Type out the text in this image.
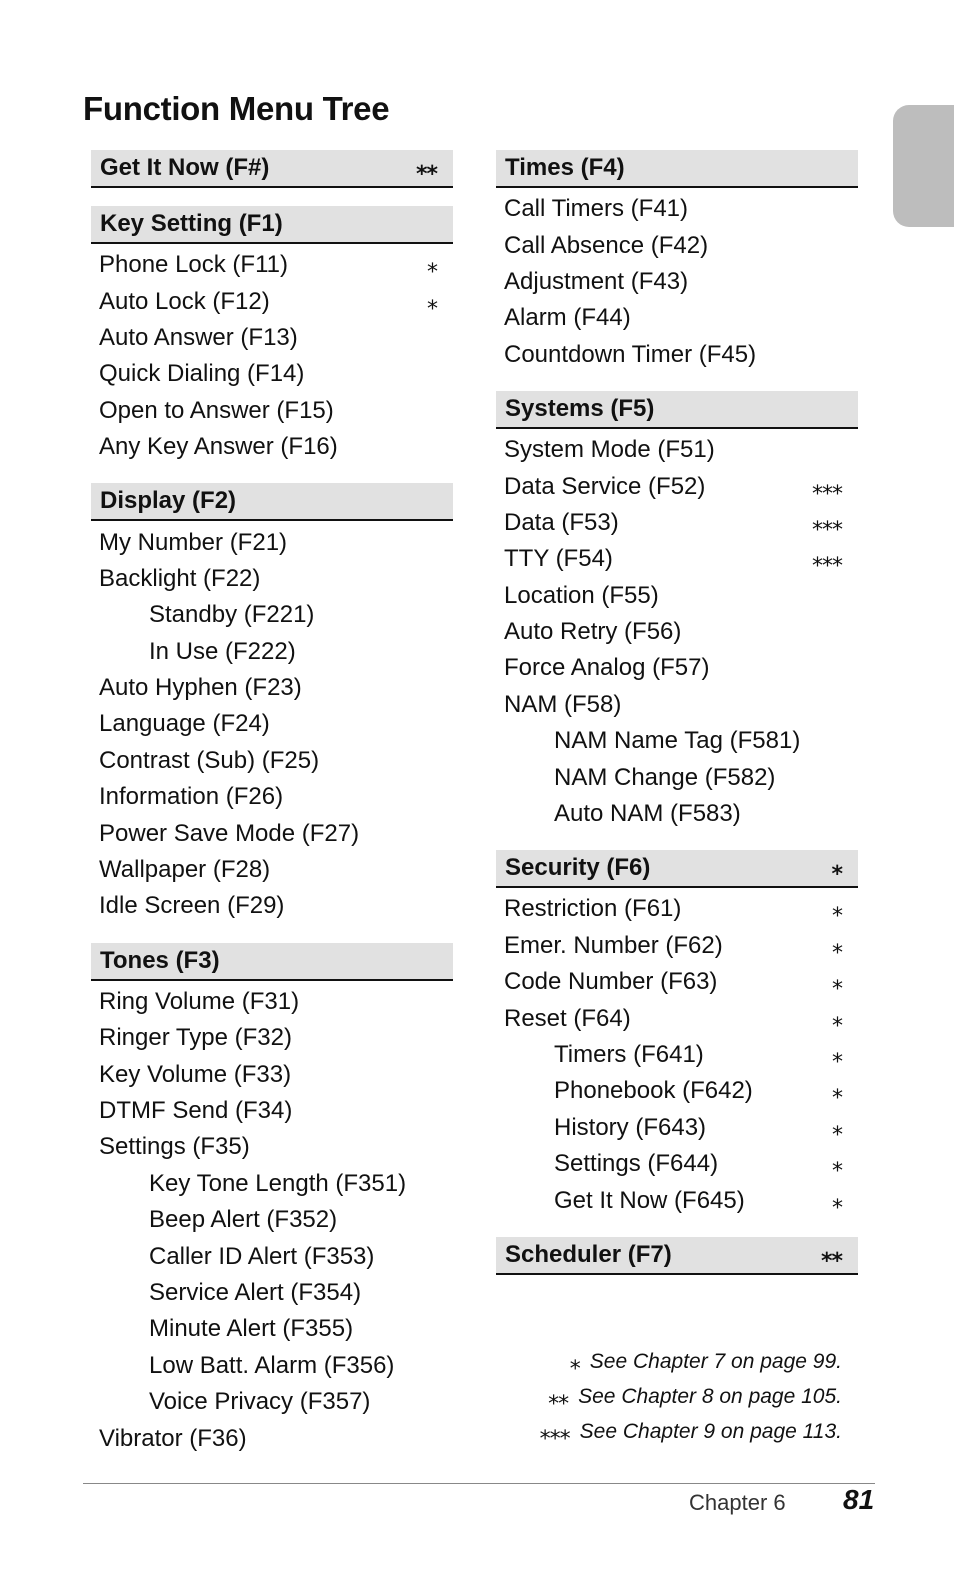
Function Menu Tree
Get It Now (F#)	⁎⁎
Key Setting (F1)
Phone Lock (F11)	⁎
Auto Lock (F12)	⁎
Auto Answer (F13)
Quick Dialing (F14)
Open to Answer (F15)
Any Key Answer (F16)
Display (F2)
My Number (F21)
Backlight (F22)
Standby (F221)
In Use (F222)
Auto Hyphen (F23)
Language (F24)
Contrast (Sub) (F25)
Information (F26)
Power Save Mode (F27)
Wallpaper (F28)
Idle Screen (F29)
Tones (F3)
Ring Volume (F31)
Ringer Type (F32)
Key Volume (F33)
DTMF Send (F34)
Settings (F35)
Key Tone Length (F351)
Beep Alert (F352)
Caller ID Alert (F353)
Service Alert (F354)
Minute Alert (F355)
Low Batt. Alarm (F356)
Voice Privacy (F357)
Vibrator (F36)
Times (F4)
Call Timers (F41)
Call Absence (F42)
Adjustment (F43)
Alarm (F44)
Countdown Timer (F45)
Systems (F5)
System Mode (F51)
Data Service (F52)	⁎⁎⁎
Data (F53)	⁎⁎⁎
TTY (F54)	⁎⁎⁎
Location (F55)
Auto Retry (F56)
Force Analog (F57)
NAM (F58)
NAM Name Tag (F581)
NAM Change (F582)
Auto NAM (F583)
Security (F6)	⁎
Restriction (F61)	⁎
Emer. Number (F62)	⁎
Code Number (F63)	⁎
Reset (F64)	⁎
Timers (F641)	⁎
Phonebook (F642)	⁎
History (F643)	⁎
Settings (F644)	⁎
Get It Now (F645)	⁎
Scheduler (F7)	⁎⁎
⁎ See Chapter 7 on page 99.
⁎⁎ See Chapter 8 on page 105.
⁎⁎⁎ See Chapter 9 on page 113.
Chapter 6 81
